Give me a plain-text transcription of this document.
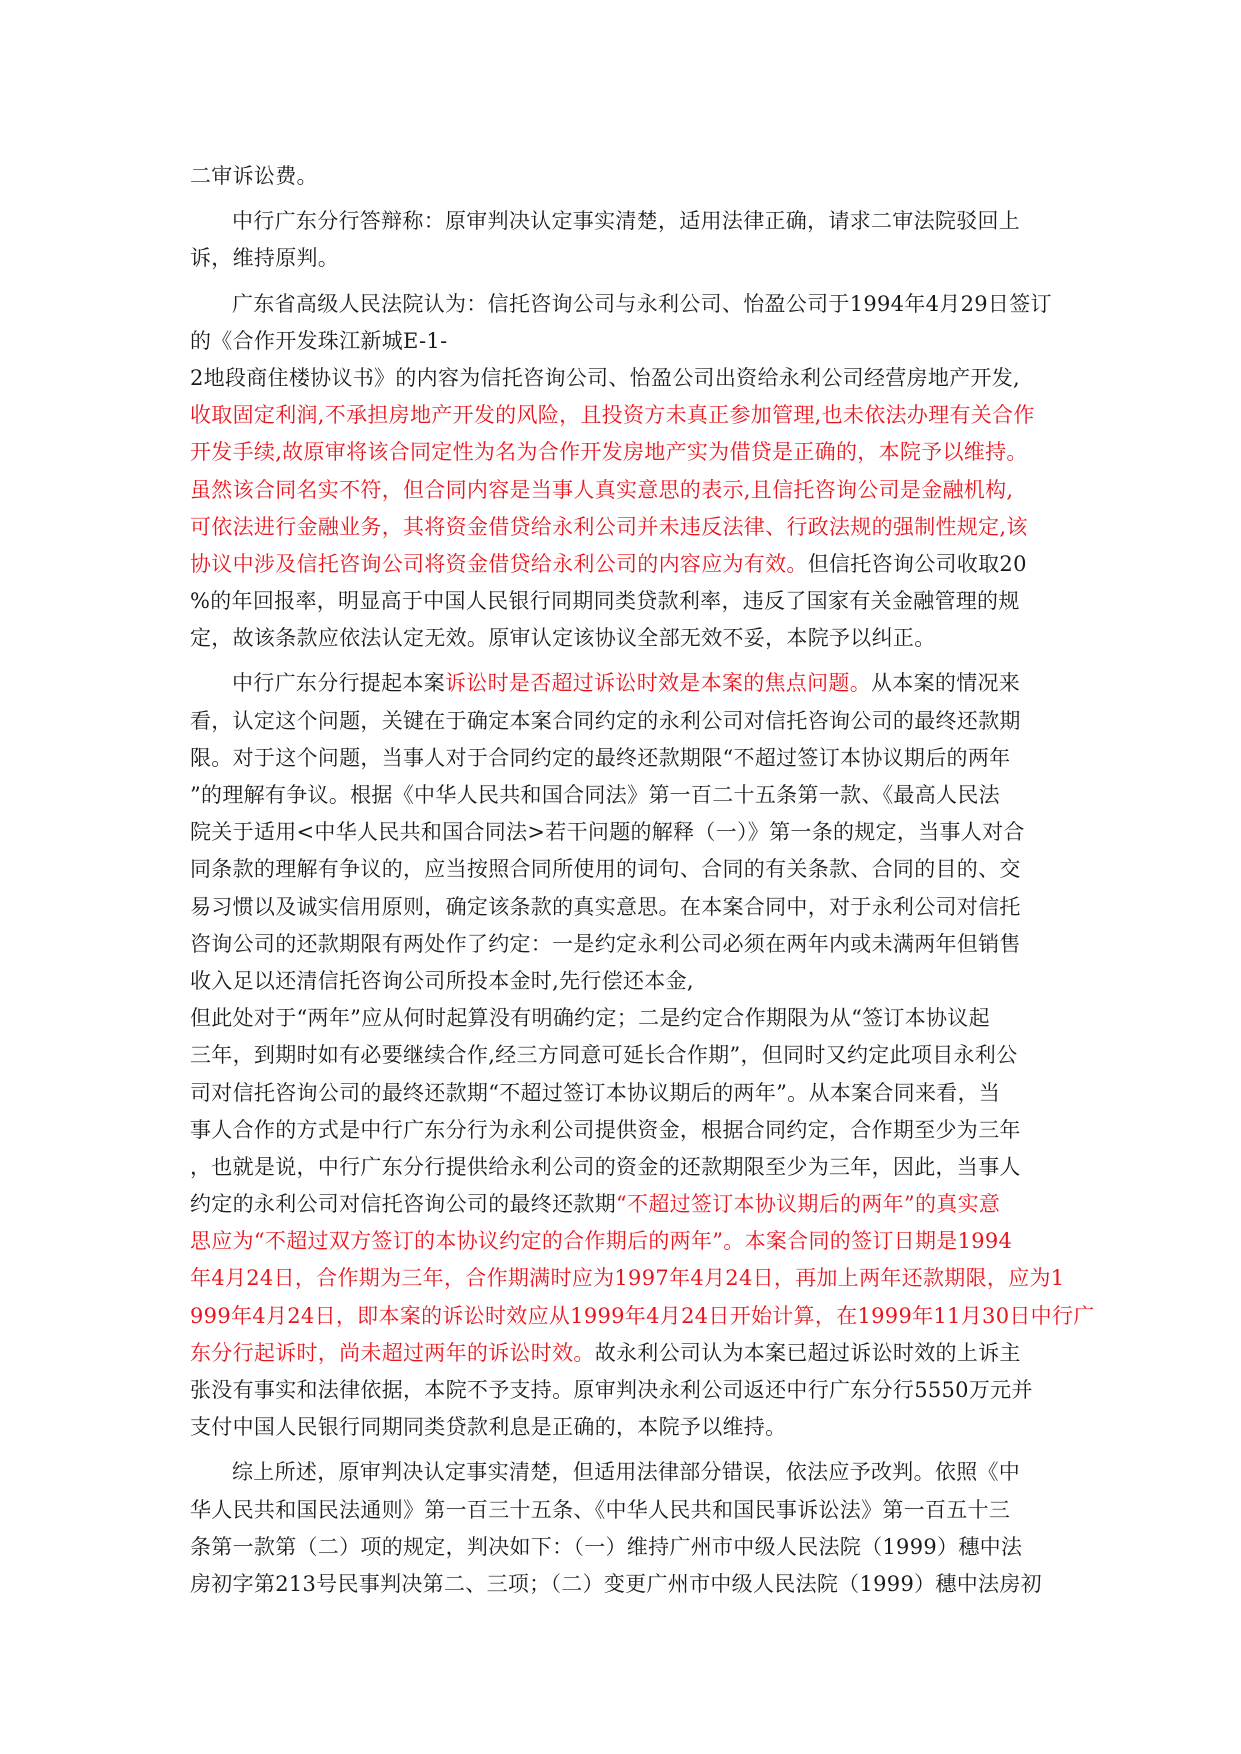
二审诉讼费。
中行广东分行答辩称：原审判决认定事实清楚，适用法律正确，请求二审法院驳回上
诉，维持原判。
广东省高级人民法院认为：信托咨询公司与永利公司、怡盈公司于1994年4月29日签订
的《合作开发珠江新城E-1-
2地段商住楼协议书》的内容为信托咨询公司、怡盈公司出资给永利公司经营房地产开发,
收取固定利润,不承担房地产开发的风险，且投资方未真正参加管理,也未依法办理有关合作
开发手续,故原审将该合同定性为名为合作开发房地产实为借贷是正确的，本院予以维持。
虽然该合同名实不符，但合同内容是当事人真实意思的表示,且信托咨询公司是金融机构,
可依法进行金融业务，其将资金借贷给永利公司并未违反法律、行政法规的强制性规定,该
协议中涉及信托咨询公司将资金借贷给永利公司的内容应为有效。但信托咨询公司收取20
%的年回报率，明显高于中国人民银行同期同类贷款利率，违反了国家有关金融管理的规
定，故该条款应依法认定无效。原审认定该协议全部无效不妥，本院予以纠正。
中行广东分行提起本案诉讼时是否超过诉讼时效是本案的焦点问题。从本案的情况来
看，认定这个问题，关键在于确定本案合同约定的永利公司对信托咨询公司的最终还款期
限。对于这个问题，当事人对于合同约定的最终还款期限“不超过签订本协议期后的两年
”的理解有争议。根据《中华人民共和国合同法》第一百二十五条第一款、《最高人民法
院关于适用<中华人民共和国合同法>若干问题的解释（一）》第一条的规定，当事人对合
同条款的理解有争议的，应当按照合同所使用的词句、合同的有关条款、合同的目的、交
易习惯以及诚实信用原则，确定该条款的真实意思。在本案合同中，对于永利公司对信托
咨询公司的还款期限有两处作了约定：一是约定永利公司必须在两年内或未满两年但销售
收入足以还清信托咨询公司所投本金时,先行偿还本金,
但此处对于“两年”应从何时起算没有明确约定；二是约定合作期限为从“签订本协议起
三年，到期时如有必要继续合作,经三方同意可延长合作期”，但同时又约定此项目永利公
司对信托咨询公司的最终还款期“不超过签订本协议期后的两年”。从本案合同来看，当
事人合作的方式是中行广东分行为永利公司提供资金，根据合同约定，合作期至少为三年
，也就是说，中行广东分行提供给永利公司的资金的还款期限至少为三年，因此，当事人
约定的永利公司对信托咨询公司的最终还款期“不超过签订本协议期后的两年”的真实意
思应为“不超过双方签订的本协议约定的合作期后的两年”。本案合同的签订日期是1994
年4月24日，合作期为三年，合作期满时应为1997年4月24日，再加上两年还款期限，应为1
999年4月24日，即本案的诉讼时效应从1999年4月24日开始计算，在1999年11月30日中行广
东分行起诉时，尚未超过两年的诉讼时效。故永利公司认为本案已超过诉讼时效的上诉主
张没有事实和法律依据，本院不予支持。原审判决永利公司返还中行广东分行5550万元并
支付中国人民银行同期同类贷款利息是正确的，本院予以维持。
综上所述，原审判决认定事实清楚，但适用法律部分错误，依法应予改判。依照《中
华人民共和国民法通则》第一百三十五条、《中华人民共和国民事诉讼法》第一百五十三
条第一款第（二）项的规定，判决如下：（一）维持广州市中级人民法院（1999）穗中法
房初字第213号民事判决第二、三项；（二）变更广州市中级人民法院（1999）穗中法房初
